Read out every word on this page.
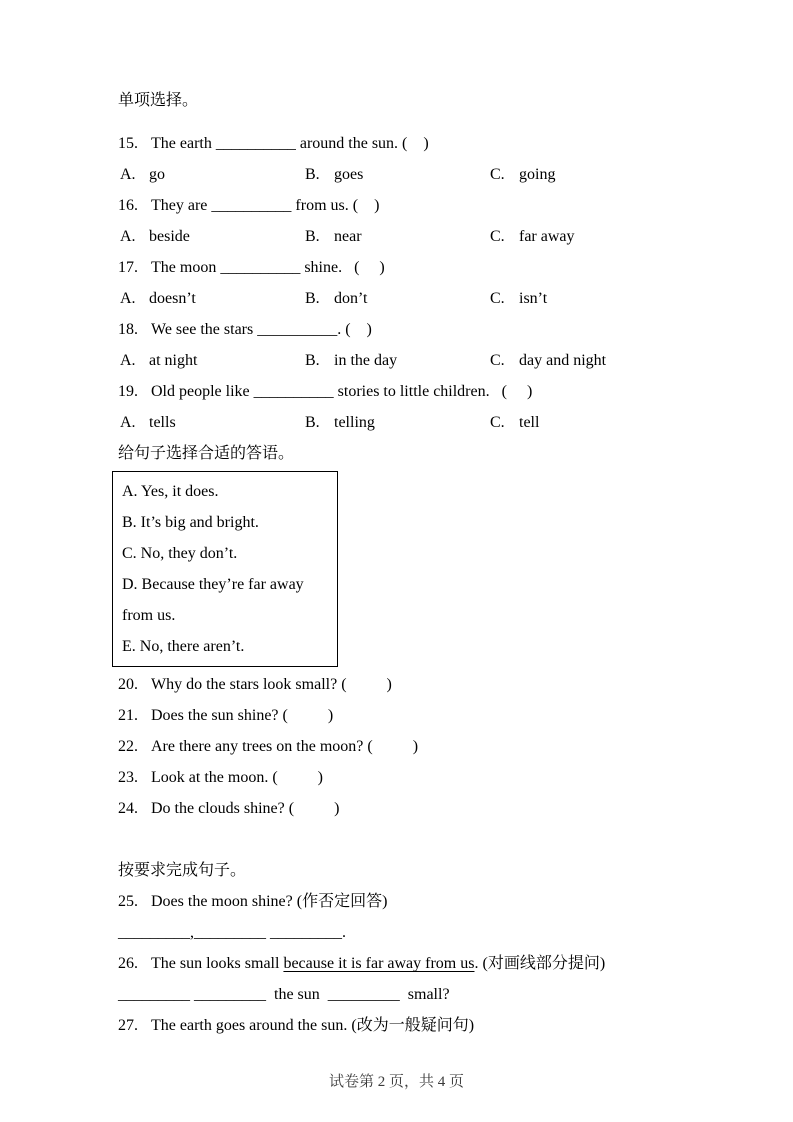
单项选择。
15. The earth __________ around the sun. (    )
A. go	B. goes	C. going
16. They are __________ from us. (    )
A. beside	B. near	C. far away
17. The moon __________ shine.   (     )
A. doesn’t	B. don’t	C. isn’t
18. We see the stars __________. (    )
A. at night	B. in the day	C. day and night
19. Old people like __________ stories to little children.   (     )
A. tells	B. telling	C. tell
给句子选择合适的答语。
A. Yes, it does.
B. It’s big and bright.
C. No, they don’t.
D. Because they’re far away from us.
E. No, there aren’t.
20. Why do the stars look small? (          )
21. Does the sun shine? (          )
22. Are there any trees on the moon? (          )
23. Look at the moon. (          )
24. Do the clouds shine? (          )
按要求完成句子。
25. Does the moon shine? (作否定回答)
_________,_________ _________.
26. The sun looks small because it is far away from us. (对画线部分提问)
_________ _________  the sun  _________  small?
27. The earth goes around the sun. (改为一般疑问句)
试卷第 2 页，共 4 页
